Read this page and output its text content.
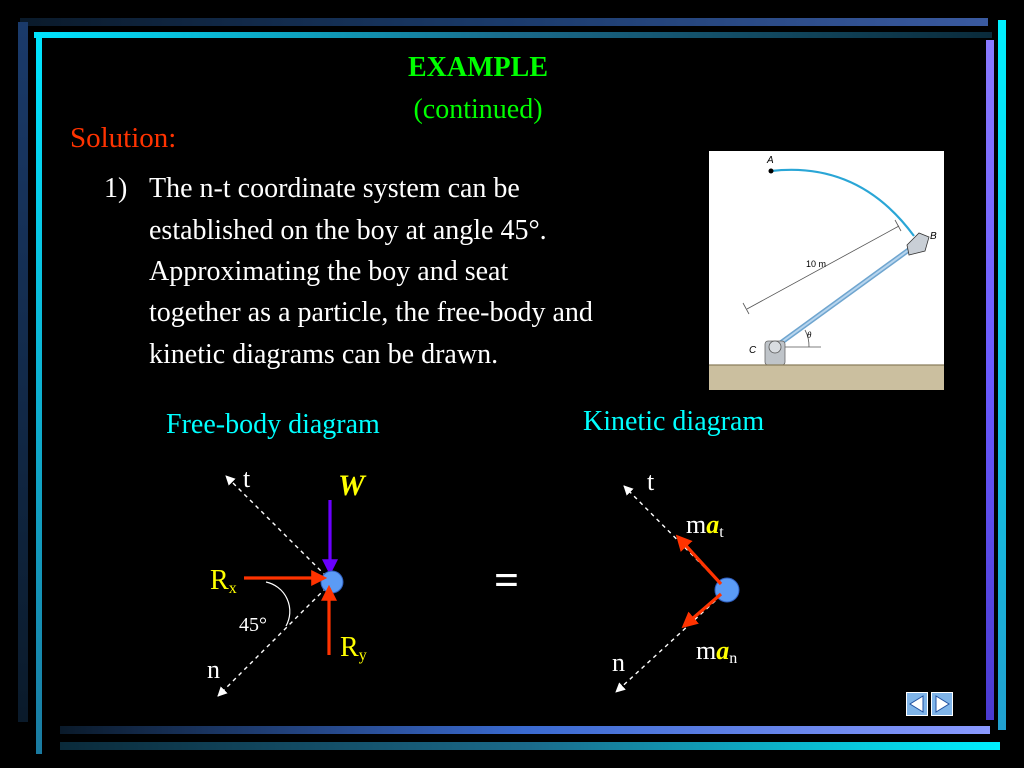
EXAMPLE
(continued)
Solution:
1) The n-t coordinate system can be
established on the boy at angle 45°.
Approximating the boy and seat
together as a particle, the free-body and
kinetic diagrams can be drawn.
A
10 m
θ
B
C
Free-body diagram	Kinetic diagram
t
n
W
$R_x$
$R_y$
45°
=
t
n
$ma_t$
$ma_n$
